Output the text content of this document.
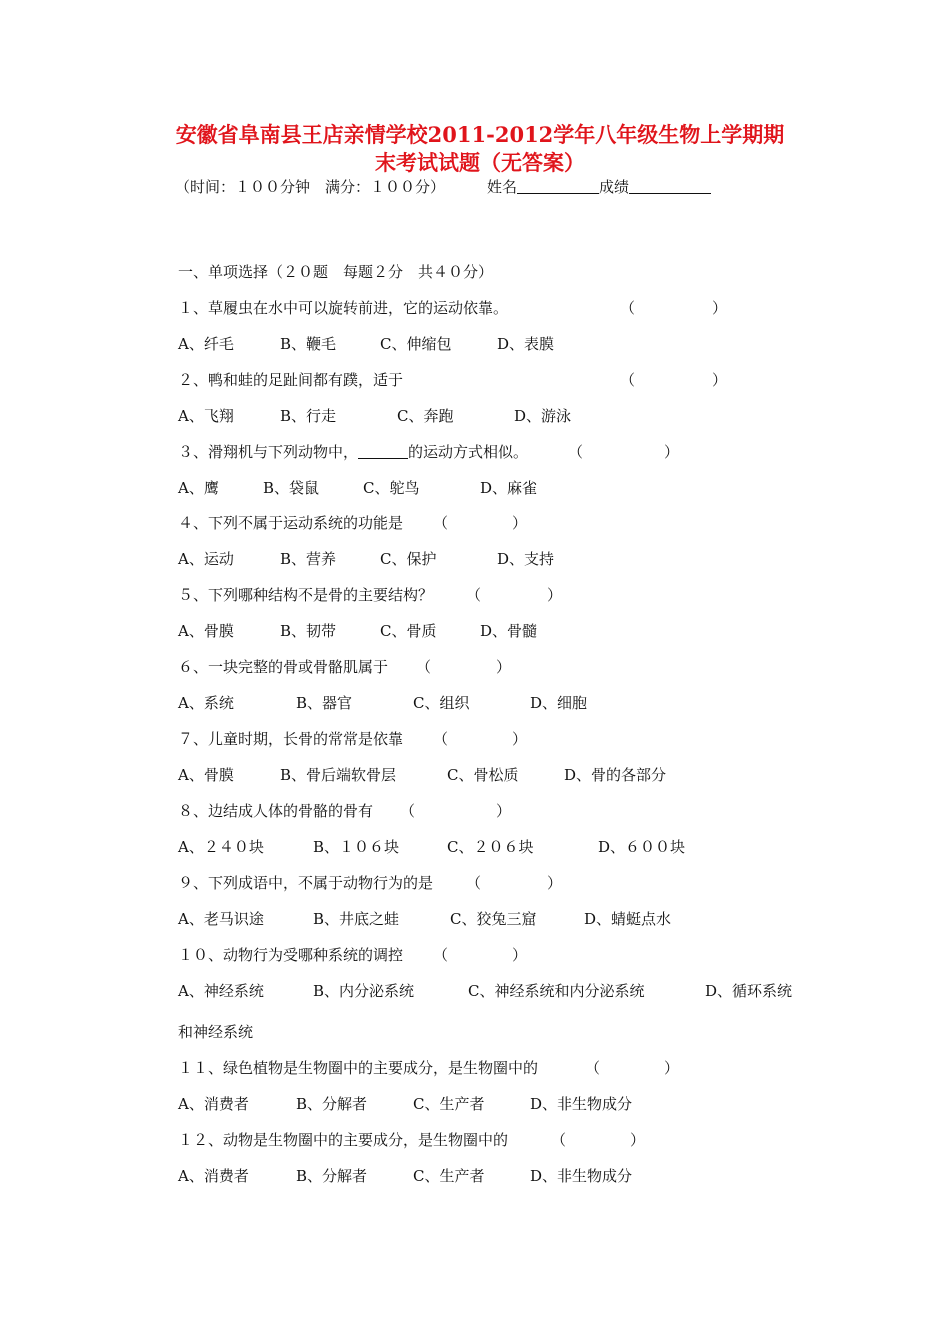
安徽省阜南县王店亲情学校2011-2012学年八年级生物上学期期
末考试试题（无答案）
（时间：１００分钟　满分：１００分）	姓名	成绩
一、单项选择（２０题　每题２分　共４０分）
１、草履虫在水中可以旋转前进，它的运动依靠。	（	）
A、纤毛	B、鞭毛	C、伸缩包	D、表膜
２、鸭和蛙的足趾间都有蹼，适于	（	）
A、飞翔	B、行走	C、奔跑	D、游泳
３、滑翔机与下列动物中，	的运动方式相似。	（	）
A、鹰	B、袋鼠	C、鸵鸟	D、麻雀
４、下列不属于运动系统的功能是 （	）
A、运动	B、营养	C、保护	D、支持
５、下列哪种结构不是骨的主要结构？ （	）
A、骨膜	B、韧带	C、骨质	D、骨髓
６、一块完整的骨或骨骼肌属于 （	）
A、系统	B、器官	C、组织	D、细胞
７、儿童时期，长骨的常常是依靠 （	）
A、骨膜	B、骨后端软骨层	C、骨松质	D、骨的各部分
８、边结成人体的骨骼的骨有 （	）
A、２４０块	B、１０６块	C、２０６块	D、６００块
９、下列成语中，不属于动物行为的是 （	）
A、老马识途	B、井底之蛙	C、狡兔三窟	D、蜻蜓点水
１０、动物行为受哪种系统的调控 （	）
A、神经系统	B、内分泌系统	C、神经系统和内分泌系统	D、循环系统
和神经系统
１１、绿色植物是生物圈中的主要成分，是生物圈中的	（	）
A、消费者	B、分解者	C、生产者	D、非生物成分
１２、动物是生物圈中的主要成分，是生物圈中的	（	）
A、消费者	B、分解者	C、生产者	D、非生物成分
